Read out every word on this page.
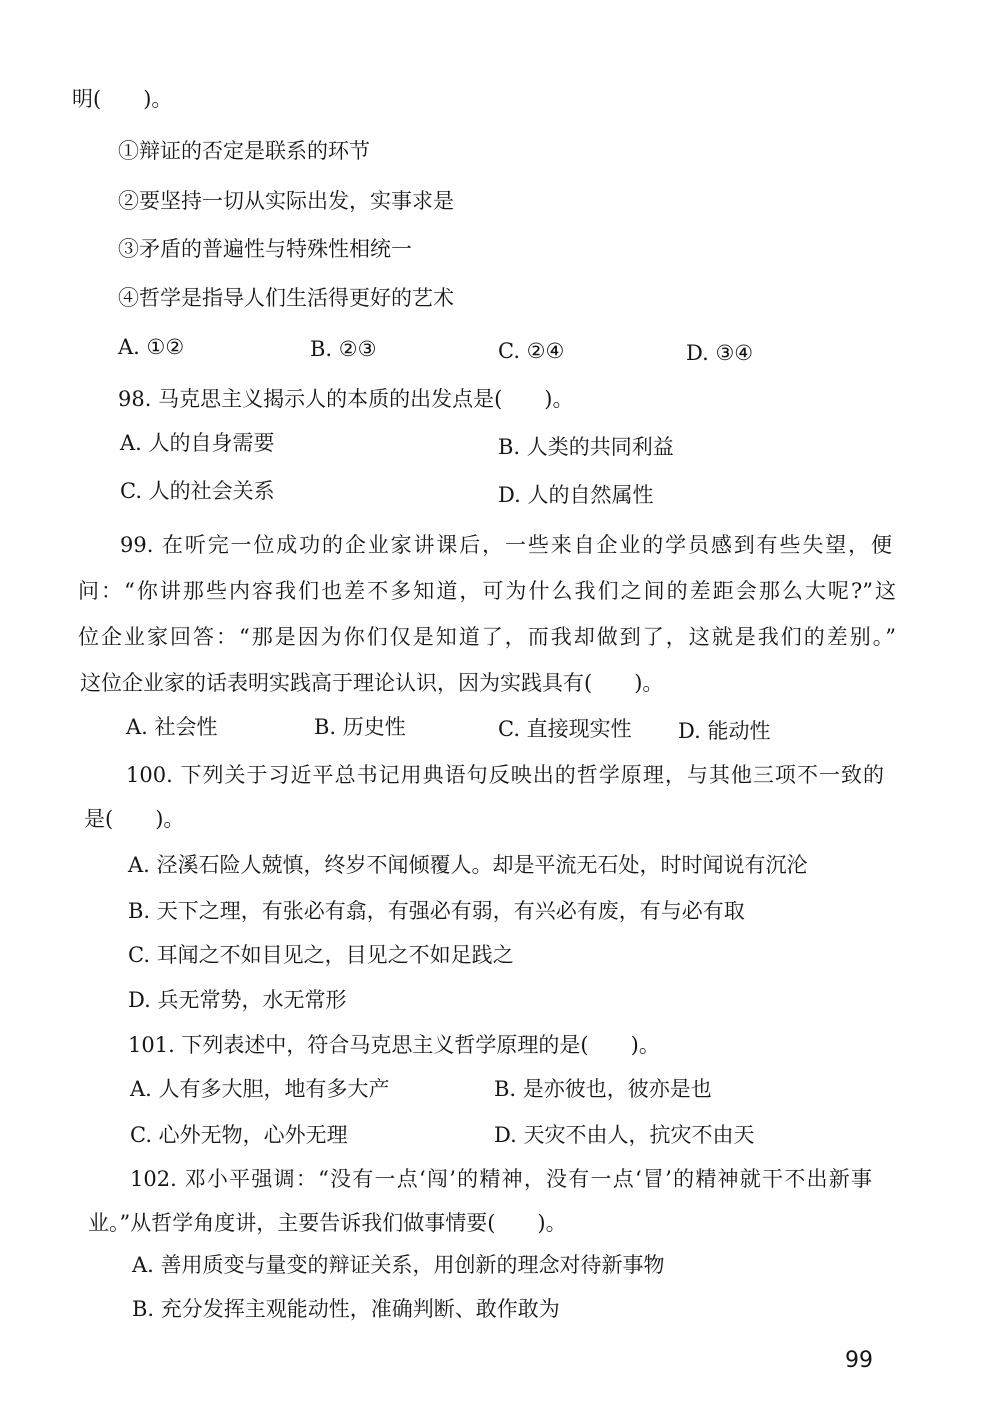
明(　　)。
①辩证的否定是联系的环节
②要坚持一切从实际出发，实事求是
③矛盾的普遍性与特殊性相统一
④哲学是指导人们生活得更好的艺术
A. ①②	B. ②③	C. ②④	D. ③④
98. 马克思主义揭示人的本质的出发点是(　　)。
A. 人的自身需要	B. 人类的共同利益
C. 人的社会关系	D. 人的自然属性
99. 在听完一位成功的企业家讲课后，一些来自企业的学员感到有些失望，便
问：“你讲那些内容我们也差不多知道，可为什么我们之间的差距会那么大呢?”这
位企业家回答：“那是因为你们仅是知道了，而我却做到了，这就是我们的差别。”
这位企业家的话表明实践高于理论认识，因为实践具有(　　)。
A. 社会性	B. 历史性	C. 直接现实性 D. 能动性
100. 下列关于习近平总书记用典语句反映出的哲学原理，与其他三项不一致的
是(　　)。
A. 泾溪石险人兢慎，终岁不闻倾覆人。却是平流无石处，时时闻说有沉沦
B. 天下之理，有张必有翕，有强必有弱，有兴必有废，有与必有取
C. 耳闻之不如目见之，目见之不如足践之
D. 兵无常势，水无常形
101. 下列表述中，符合马克思主义哲学原理的是(　　)。
A. 人有多大胆，地有多大产	B. 是亦彼也，彼亦是也
C. 心外无物，心外无理	D. 天灾不由人，抗灾不由天
102. 邓小平强调：“没有一点‘闯’的精神，没有一点‘冒’的精神就干不出新事
业。”从哲学角度讲，主要告诉我们做事情要(　　)。
A. 善用质变与量变的辩证关系，用创新的理念对待新事物
B. 充分发挥主观能动性，准确判断、敢作敢为
99
